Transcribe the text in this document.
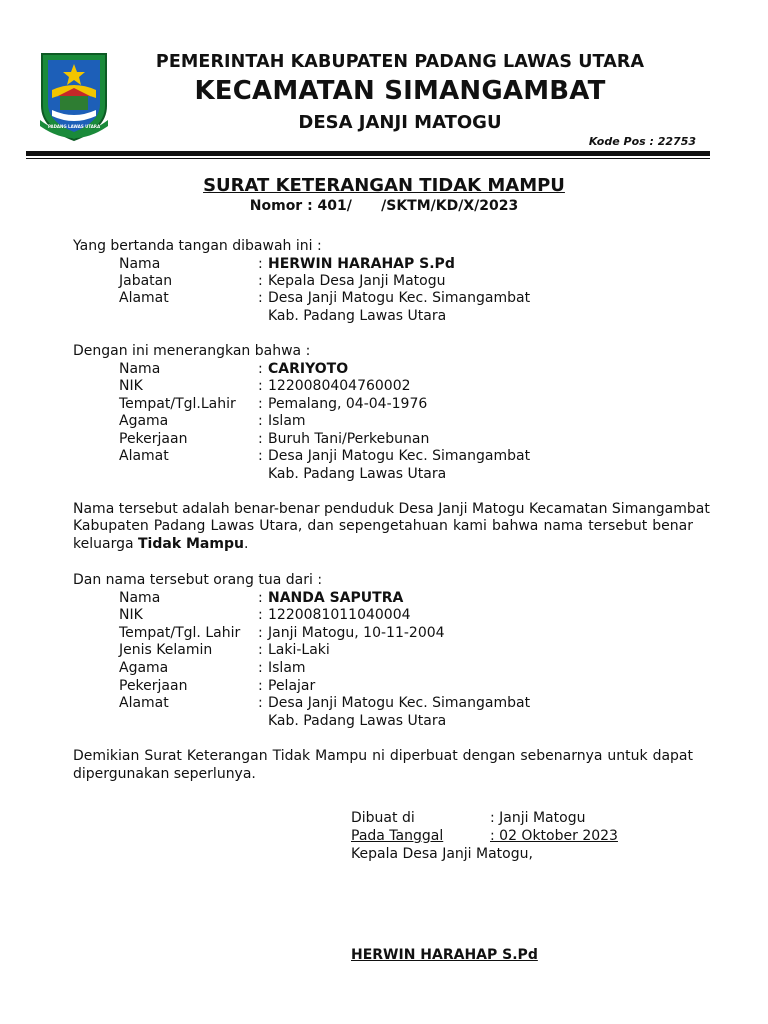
PADANG LAWAS UTARA
PEMERINTAH KABUPATEN PADANG LAWAS UTARA
KECAMATAN SIMANGAMBAT
DESA JANJI MATOGU
Kode Pos : 22753
SURAT KETERANGAN TIDAK MAMPU
Nomor : 401/      /SKTM/KD/X/2023
Yang bertanda tangan dibawah ini :
Nama	: HERWIN HARAHAP S.Pd
Jabatan	: Kepala Desa Janji Matogu
Alamat	: Desa Janji Matogu Kec. Simangambat
Kab. Padang Lawas Utara
Dengan ini menerangkan bahwa :
Nama	: CARIYOTO
NIK	: 1220080404760002
Tempat/Tgl.Lahir : Pemalang, 04-04-1976
Agama	: Islam
Pekerjaan	: Buruh Tani/Perkebunan
Alamat	: Desa Janji Matogu Kec. Simangambat
Kab. Padang Lawas Utara
Nama tersebut adalah benar-benar penduduk Desa Janji Matogu Kecamatan Simangambat
Kabupaten Padang Lawas Utara, dan sepengetahuan kami bahwa nama tersebut benar
keluarga Tidak Mampu.
Dan nama tersebut orang tua dari :
Nama	: NANDA SAPUTRA
NIK	: 1220081011040004
Tempat/Tgl. Lahir : Janji Matogu, 10-11-2004
Jenis Kelamin	: Laki-Laki
Agama	: Islam
Pekerjaan	: Pelajar
Alamat	: Desa Janji Matogu Kec. Simangambat
Kab. Padang Lawas Utara
Demikian Surat Keterangan Tidak Mampu ni diperbuat dengan sebenarnya untuk dapat
dipergunakan seperlunya.
Dibuat di	: Janji Matogu
Pada Tanggal	: 02 Oktober 2023
Kepala Desa Janji Matogu,
HERWIN HARAHAP S.Pd
